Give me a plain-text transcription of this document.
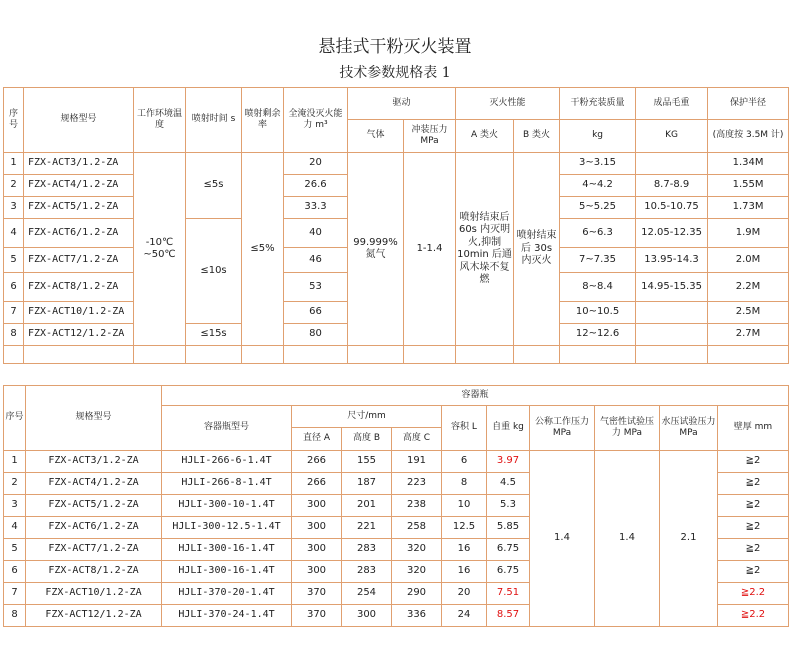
悬挂式干粉灭火装置
技术参数规格表 1
序号	规格型号	工作环境温度	喷射时间 s	喷射剩余率	全淹没灭火能力 m³	驱动		灭火性能		干粉充装质量	成品毛重	保护半径
						气体	冲装压力 MPa	A 类火	B 类火	kg	KG	(高度按 3.5M 计)
1	FZX-ACT3/1.2-ZA	-10℃ ~50℃	≤5s	≤5%	20	99.999% 氮气	1-1.4	喷射结束后 60s 内灭明火,抑制 10min 后通风木垛不复燃	喷射结束后 30s 内灭火	3~3.15		1.34M
2	FZX-ACT4/1.2-ZA				26.6					4~4.2	8.7-8.9	1.55M
3	FZX-ACT5/1.2-ZA				33.3					5~5.25	10.5-10.75	1.73M
4	FZX-ACT6/1.2-ZA		≤10s		40					6~6.3	12.05-12.35	1.9M
5	FZX-ACT7/1.2-ZA				46					7~7.35	13.95-14.3	2.0M
6	FZX-ACT8/1.2-ZA				53					8~8.4	14.95-15.35	2.2M
7	FZX-ACT10/1.2-ZA				66					10~10.5		2.5M
8	FZX-ACT12/1.2-ZA		≤15s		80					12~12.6		2.7M

序号	规格型号	容器瓶									
		容器瓶型号	尺寸/mm			容积 L	自重 kg	公称工作压力 MPa	气密性试验压力 MPa	水压试验压力 MPa	壁厚 mm
			直径 A	高度 B	高度 C						
1	FZX-ACT3/1.2-ZA	HJLI-266-6-1.4T	266	155	191	6	3.97	1.4	1.4	2.1	≧2
2	FZX-ACT4/1.2-ZA	HJLI-266-8-1.4T	266	187	223	8	4.5				≧2
3	FZX-ACT5/1.2-ZA	HJLI-300-10-1.4T	300	201	238	10	5.3				≧2
4	FZX-ACT6/1.2-ZA	HJLI-300-12.5-1.4T	300	221	258	12.5	5.85				≧2
5	FZX-ACT7/1.2-ZA	HJLI-300-16-1.4T	300	283	320	16	6.75				≧2
6	FZX-ACT8/1.2-ZA	HJLI-300-16-1.4T	300	283	320	16	6.75				≧2
7	FZX-ACT10/1.2-ZA	HJLI-370-20-1.4T	370	254	290	20	7.51				≧2.2
8	FZX-ACT12/1.2-ZA	HJLI-370-24-1.4T	370	300	336	24	8.57				≧2.2
